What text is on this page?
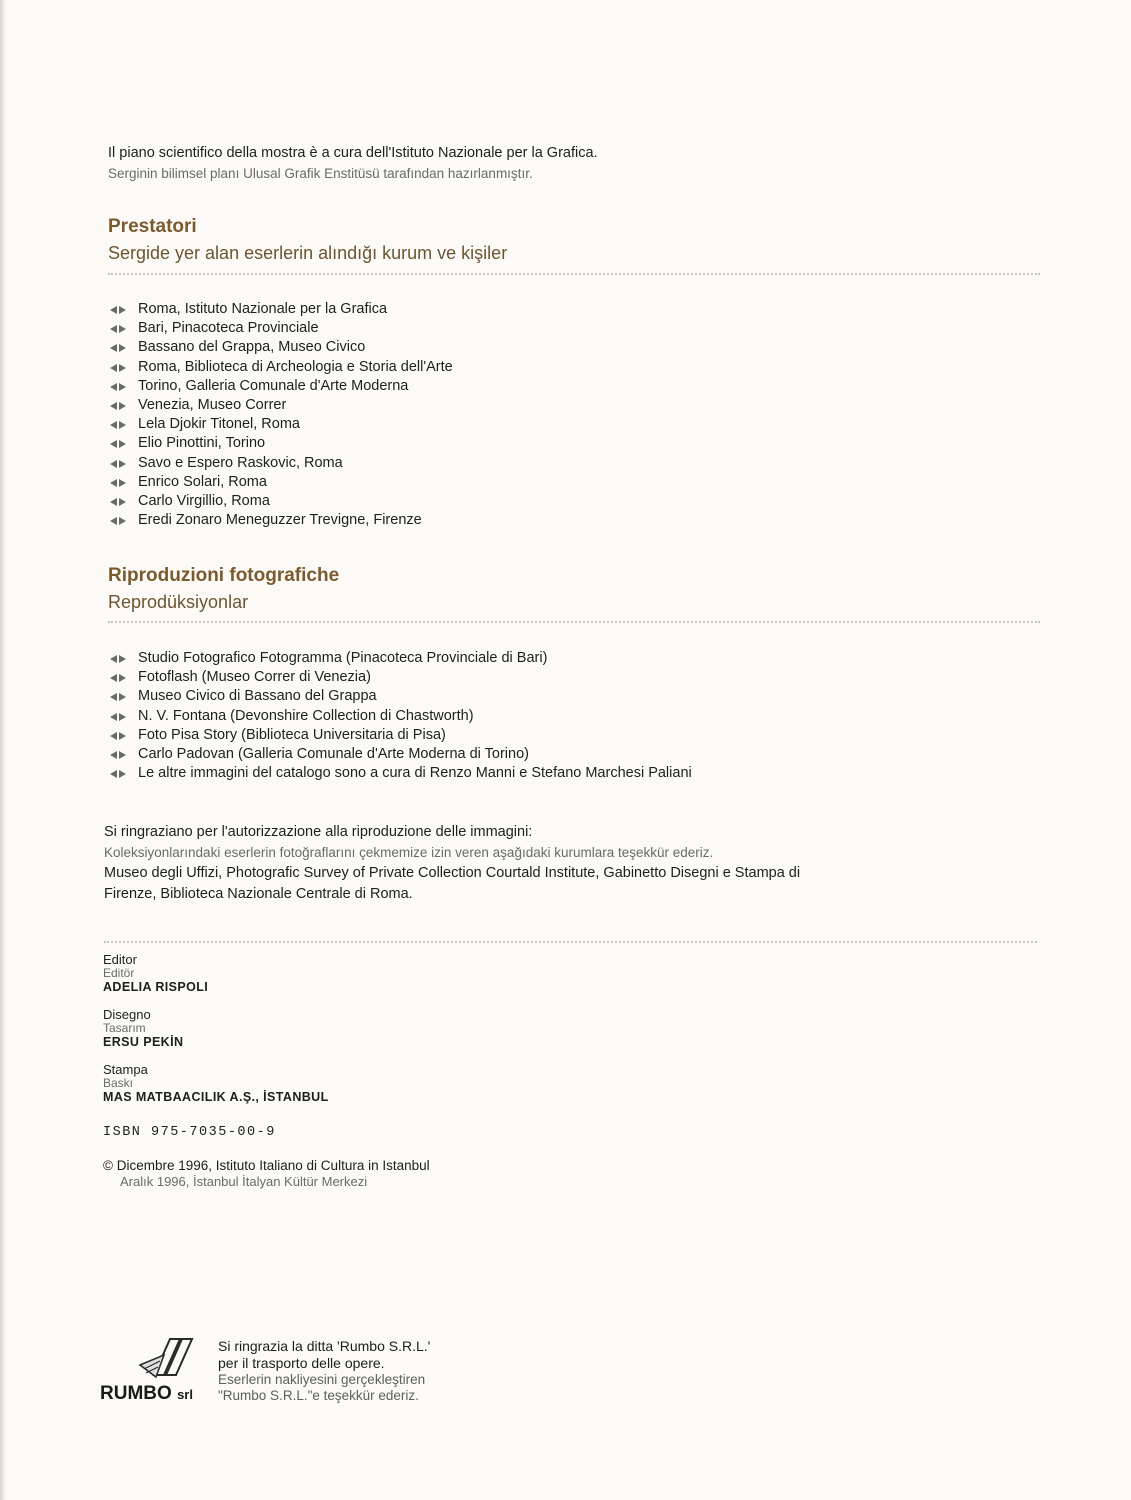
Il piano scientifico della mostra è a cura dell'Istituto Nazionale per la Grafica.
Serginin bilimsel planı Ulusal Grafik Enstitüsü tarafından hazırlanmıştır.
Prestatori
Sergide yer alan eserlerin alındığı kurum ve kişiler
Roma, Istituto Nazionale per la Grafica
Bari, Pinacoteca Provinciale
Bassano del Grappa, Museo Civico
Roma, Biblioteca di Archeologia e Storia dell'Arte
Torino, Galleria Comunale d'Arte Moderna
Venezia, Museo Correr
Lela Djokir Titonel, Roma
Elio Pinottini, Torino
Savo e Espero Raskovic, Roma
Enrico Solari, Roma
Carlo Virgillio, Roma
Eredi Zonaro Meneguzzer Trevigne, Firenze
Riproduzioni fotografiche
Reprodüksiyonlar
Studio Fotografico Fotogramma (Pinacoteca Provinciale di Bari)
Fotoflash (Museo Correr di Venezia)
Museo Civico di Bassano del Grappa
N. V. Fontana (Devonshire Collection di Chastworth)
Foto Pisa Story (Biblioteca Universitaria di Pisa)
Carlo Padovan (Galleria Comunale d'Arte Moderna di Torino)
Le altre immagini del catalogo sono a cura di Renzo Manni e Stefano Marchesi Paliani
Si ringraziano per l'autorizzazione alla riproduzione delle immagini:
Koleksiyonlarındaki eserlerin fotoğraflarını çekmemize izin veren aşağıdaki kurumlara teşekkür ederiz.
Museo degli Uffizi, Photografic Survey of Private Collection Courtald Institute, Gabinetto Disegni e Stampa di
Firenze, Biblioteca Nazionale Centrale di Roma.
Editor
Editör
ADELIA RISPOLI
Disegno
Tasarım
ERSU PEKİN
Stampa
Baskı
MAS MATBAACILIK A.Ş., İSTANBUL
ISBN 975-7035-00-9
© Dicembre 1996, Istituto Italiano di Cultura in Istanbul
Aralık 1996, İstanbul İtalyan Kültür Merkezi
RUMBO srl
Si ringrazia la ditta 'Rumbo S.R.L.'
per il trasporto delle opere.
Eserlerin nakliyesini gerçekleştiren
"Rumbo S.R.L."e teşekkür ederiz.
